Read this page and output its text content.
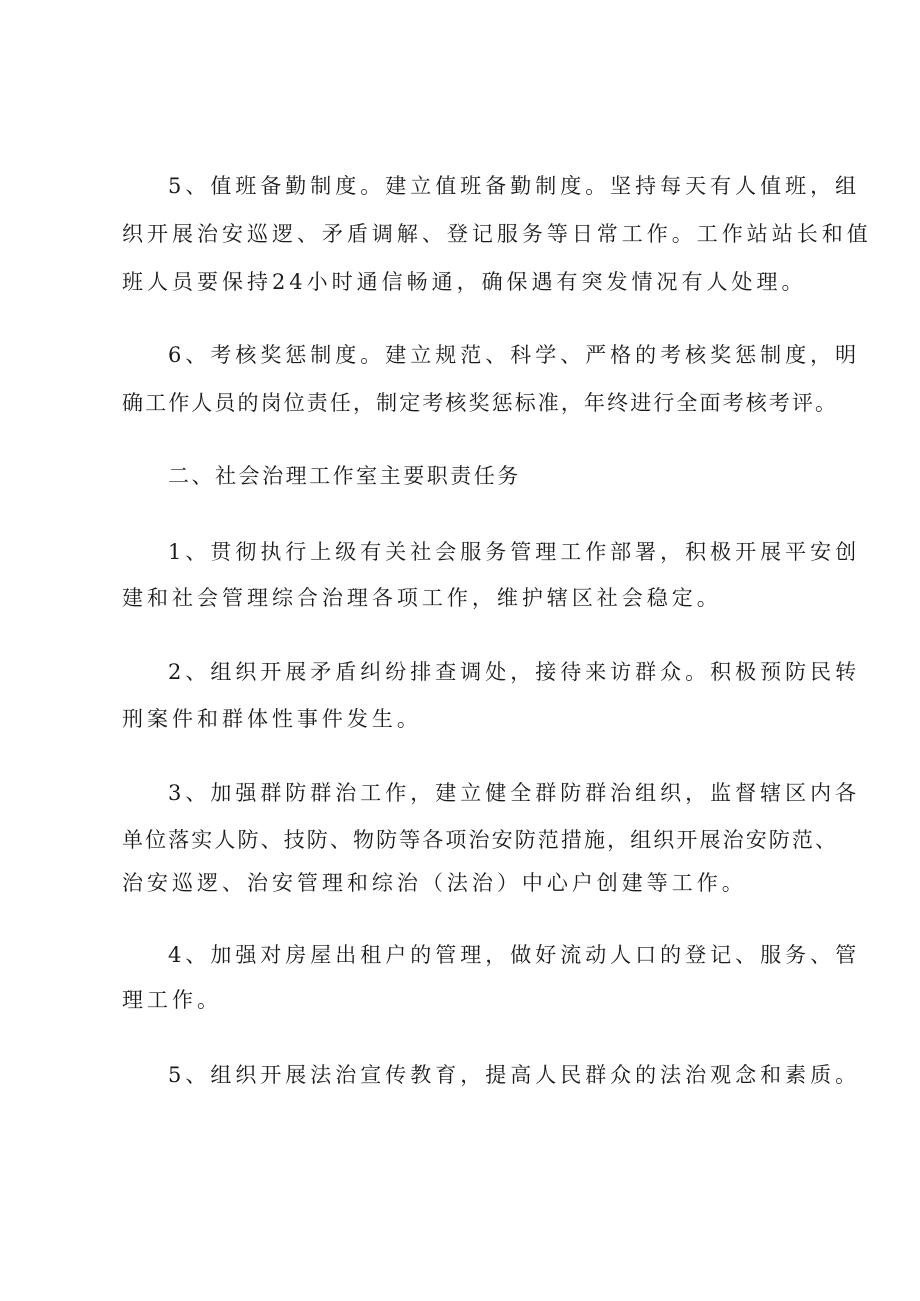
5、值班备勤制度。建立值班备勤制度。坚持每天有人值班，组
织开展治安巡逻、矛盾调解、登记服务等日常工作。工作站站长和值
班人员要保持24小时通信畅通，确保遇有突发情况有人处理。
6、考核奖惩制度。建立规范、科学、严格的考核奖惩制度，明
确工作人员的岗位责任，制定考核奖惩标准，年终进行全面考核考评。
二、社会治理工作室主要职责任务
1、贯彻执行上级有关社会服务管理工作部署，积极开展平安创
建和社会管理综合治理各项工作，维护辖区社会稳定。
2、组织开展矛盾纠纷排查调处，接待来访群众。积极预防民转
刑案件和群体性事件发生。
3、加强群防群治工作，建立健全群防群治组织，监督辖区内各
单位落实人防、技防、物防等各项治安防范措施，组织开展治安防范、
治安巡逻、治安管理和综治（法治）中心户创建等工作。
4、加强对房屋出租户的管理，做好流动人口的登记、服务、管
理工作。
5、组织开展法治宣传教育，提高人民群众的法治观念和素质。
